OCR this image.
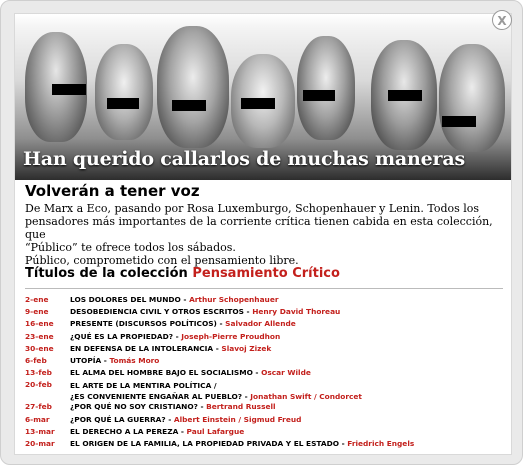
Han querido callarlos de muchas maneras
Volverán a tener voz
De Marx a Eco, pasando por Rosa Luxemburgo, Schopenhauer y Lenin. Todos los
pensadores más importantes de la corriente crítica tienen cabida en esta colección, que
“Público” te ofrece todos los sábados.
Público, comprometido con el pensamiento libre.
Títulos de la colección Pensamiento Crítico
2-ene	LOS DOLORES DEL MUNDO - Arthur Schopenhauer
9-ene	DESOBEDIENCIA CIVIL Y OTROS ESCRITOS - Henry David Thoreau
16-ene	PRESENTE (DISCURSOS POLÍTICOS) - Salvador Allende
23-ene	¿QUÉ ES LA PROPIEDAD? - Joseph-Pierre Proudhon
30-ene	EN DEFENSA DE LA INTOLERANCIA - Slavoj Zizek
6-feb	UTOPÍA - Tomás Moro
13-feb	EL ALMA DEL HOMBRE BAJO EL SOCIALISMO - Oscar Wilde
20-feb	EL ARTE DE LA MENTIRA POLÍTICA /
¿ES CONVENIENTE ENGAÑAR AL PUEBLO? - Jonathan Swift / Condorcet
27-feb	¿POR QUÉ NO SOY CRISTIANO? - Bertrand Russell
6-mar	¿POR QUÉ LA GUERRA? - Albert Einstein / Sigmud Freud
13-mar	EL DERECHO A LA PEREZA - Paul Lafargue
20-mar	EL ORIGEN DE LA FAMILIA, LA PROPIEDAD PRIVADA Y EL ESTADO - Friedrich Engels
X
